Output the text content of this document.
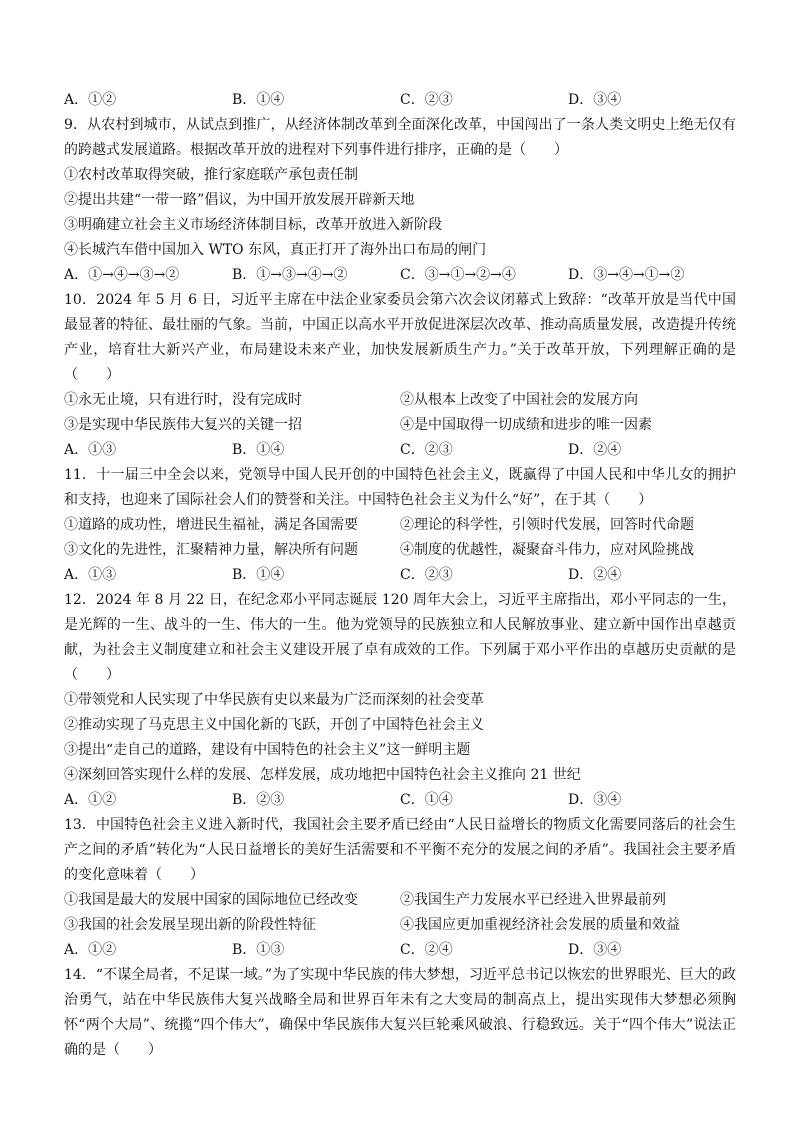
A．①②	B．①④	C．②③	D．③④

9．从农村到城市，从试点到推广，从经济体制改革到全面深化改革，中国闯出了一条人类文明史上绝无仅有的跨越式发展道路。根据改革开放的进程对下列事件进行排序，正确的是（　　）

①农村改革取得突破，推行家庭联产承包责任制

②提出共建“一带一路”倡议，为中国开放发展开辟新天地

③明确建立社会主义市场经济体制目标，改革开放进入新阶段

④长城汽车借中国加入 WTO 东风，真正打开了海外出口布局的闸门

A．①→④→③→②	B．①→③→④→②	C．③→①→②→④	D．③→④→①→②

10．2024 年 5 月 6 日，习近平主席在中法企业家委员会第六次会议闭幕式上致辞：“改革开放是当代中国最显著的特征、最壮丽的气象。当前，中国正以高水平开放促进深层次改革、推动高质量发展，改造提升传统产业，培育壮大新兴产业，布局建设未来产业，加快发展新质生产力。”关于改革开放，下列理解正确的是（　　）

①永无止境，只有进行时，没有完成时	②从根本上改变了中国社会的发展方向
③是实现中华民族伟大复兴的关键一招	④是中国取得一切成绩和进步的唯一因素
A．①③	B．①④	C．②③	D．②④

11．十一届三中全会以来，党领导中国人民开创的中国特色社会主义，既赢得了中国人民和中华儿女的拥护和支持，也迎来了国际社会人们的赞誉和关注。中国特色社会主义为什么“好”，在于其（　　）

①道路的成功性，增进民生福祉，满足各国需要	②理论的科学性，引领时代发展，回答时代命题
③文化的先进性，汇聚精神力量，解决所有问题	④制度的优越性，凝聚奋斗伟力，应对风险挑战
A．①③	B．①④	C．②③	D．②④

12．2024 年 8 月 22 日，在纪念邓小平同志诞辰 120 周年大会上，习近平主席指出，邓小平同志的一生，是光辉的一生、战斗的一生、伟大的一生。他为党领导的民族独立和人民解放事业、建立新中国作出卓越贡献，为社会主义制度建立和社会主义建设开展了卓有成效的工作。下列属于邓小平作出的卓越历史贡献的是（　　）

①带领党和人民实现了中华民族有史以来最为广泛而深刻的社会变革

②推动实现了马克思主义中国化新的飞跃，开创了中国特色社会主义

③提出“走自己的道路，建设有中国特色的社会主义”这一鲜明主题

④深刻回答实现什么样的发展、怎样发展，成功地把中国特色社会主义推向 21 世纪

A．①②	B．②③	C．①④	D．③④

13．中国特色社会主义进入新时代，我国社会主要矛盾已经由“人民日益增长的物质文化需要同落后的社会生产之间的矛盾”转化为“人民日益增长的美好生活需要和不平衡不充分的发展之间的矛盾”。我国社会主要矛盾的变化意味着（　　）

①我国是最大的发展中国家的国际地位已经改变	②我国生产力发展水平已经进入世界最前列
③我国的社会发展呈现出新的阶段性特征	④我国应更加重视经济社会发展的质量和效益
A．①②	B．①③	C．②④	D．③④

14．“不谋全局者，不足谋一域。”为了实现中华民族的伟大梦想，习近平总书记以恢宏的世界眼光、巨大的政治勇气，站在中华民族伟大复兴战略全局和世界百年未有之大变局的制高点上，提出实现伟大梦想必须胸怀“两个大局”、统揽“四个伟大”，确保中华民族伟大复兴巨轮乘风破浪、行稳致远。关于“四个伟大”说法正确的是（　　）
